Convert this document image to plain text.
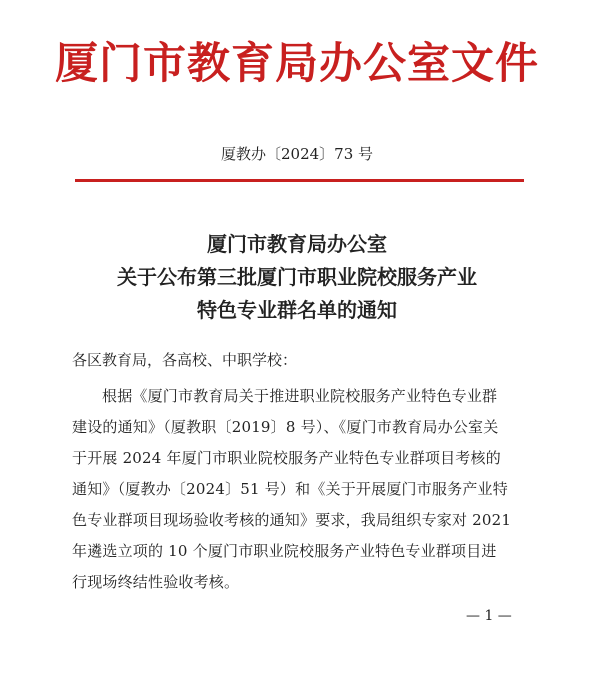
厦门市教育局办公室文件
厦教办〔2024〕73 号
厦门市教育局办公室
关于公布第三批厦门市职业院校服务产业
特色专业群名单的通知
各区教育局，各高校、中职学校：
根据《厦门市教育局关于推进职业院校服务产业特色专业群
建设的通知》（厦教职〔2019〕8 号）、《厦门市教育局办公室关
于开展 2024 年厦门市职业院校服务产业特色专业群项目考核的
通知》（厦教办〔2024〕51 号）和《关于开展厦门市服务产业特
色专业群项目现场验收考核的通知》要求，我局组织专家对 2021
年遴选立项的 10 个厦门市职业院校服务产业特色专业群项目进
行现场终结性验收考核。
— 1 —
